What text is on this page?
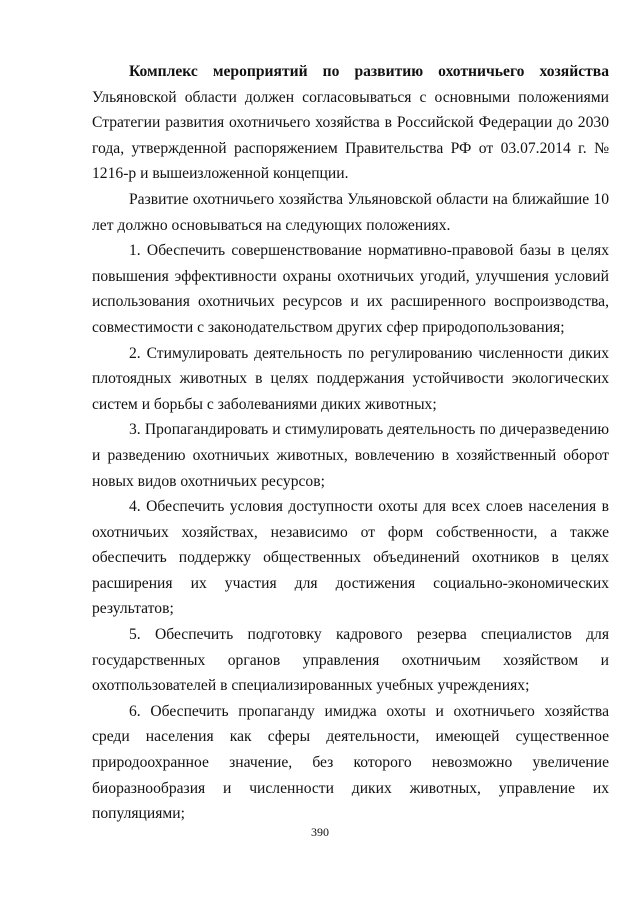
Комплекс мероприятий по развитию охотничьего хозяйства Ульяновской области должен согласовываться с основными положениями Стратегии развития охотничьего хозяйства в Российской Федерации до 2030 года, утвержденной распоряжением Правительства РФ от 03.07.2014 г. № 1216-р и вышеизложенной концепции.

Развитие охотничьего хозяйства Ульяновской области на ближайшие 10 лет должно основываться на следующих положениях.

1. Обеспечить совершенствование нормативно-правовой базы в целях повышения эффективности охраны охотничьих угодий, улучшения условий использования охотничьих ресурсов и их расширенного воспроизводства, совместимости с законодательством других сфер природопользования;

2. Стимулировать деятельность по регулированию численности диких плотоядных животных в целях поддержания устойчивости экологических систем и борьбы с заболеваниями диких животных;

3. Пропагандировать и стимулировать деятельность по дичеразведению и разведению охотничьих животных, вовлечению в хозяйственный оборот новых видов охотничьих ресурсов;

4. Обеспечить условия доступности охоты для всех слоев населения в охотничьих хозяйствах, независимо от форм собственности, а также обеспечить поддержку общественных объединений охотников в целях расширения их участия для достижения социально-экономических результатов;

5. Обеспечить подготовку кадрового резерва специалистов для государственных органов управления охотничьим хозяйством и охотпользователей в специализированных учебных учреждениях;

6. Обеспечить пропаганду имиджа охоты и охотничьего хозяйства среди населения как сферы деятельности, имеющей существенное природоохранное значение, без которого невозможно увеличение биоразнообразия и численности диких животных, управление их популяциями;

390
